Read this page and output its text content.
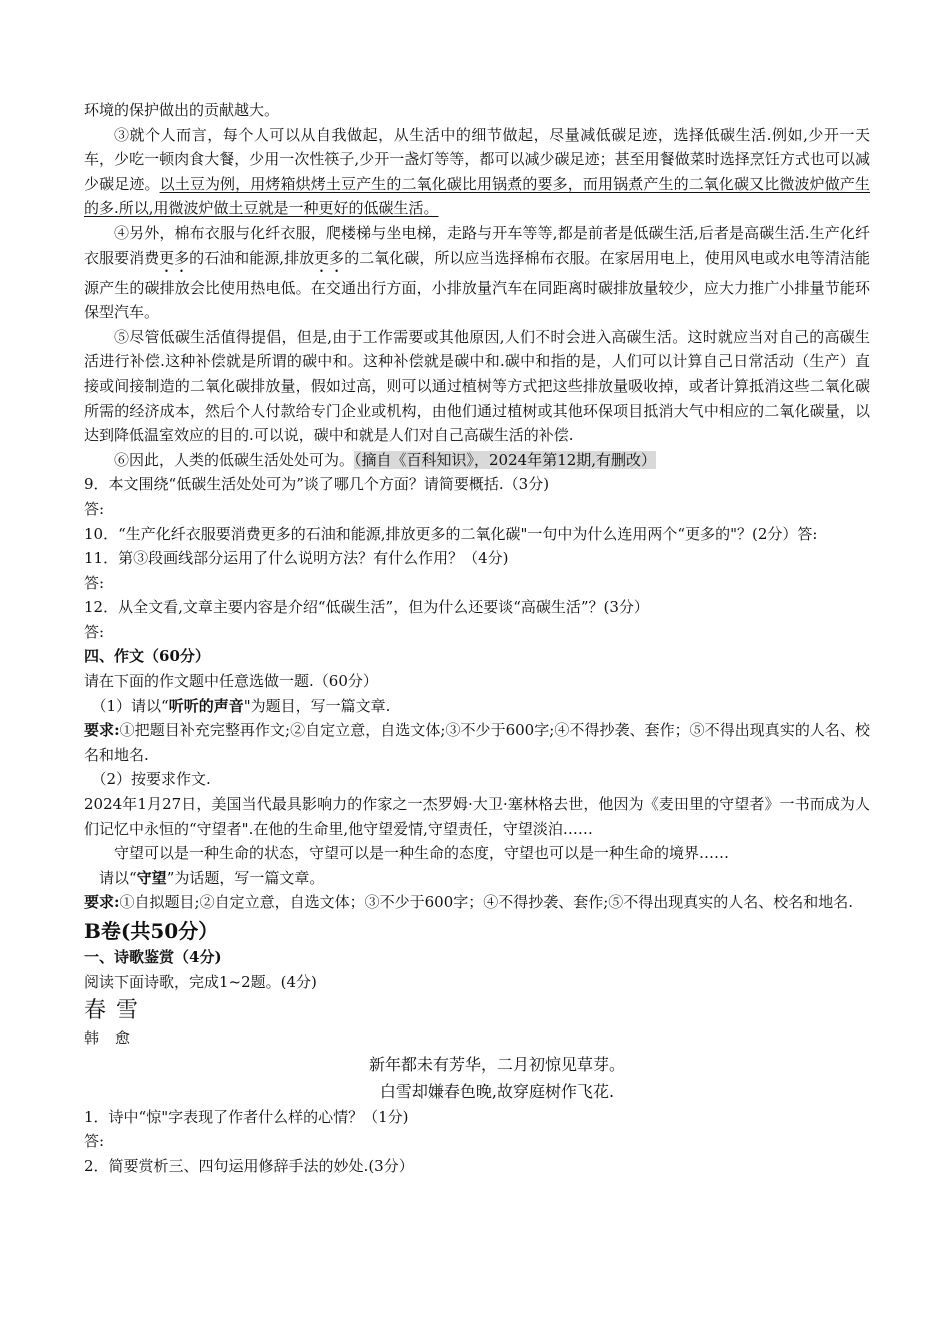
环境的保护做出的贡献越大。

③就个人而言，每个人可以从自我做起，从生活中的细节做起，尽量减低碳足迹，选择低碳生活.例如,少开一天车，少吃一顿肉食大餐，少用一次性筷子,少开一盏灯等等，都可以减少碳足迹；甚至用餐做菜时选择烹饪方式也可以减少碳足迹。以土豆为例，用烤箱烘烤土豆产生的二氧化碳比用锅煮的要多，而用锅煮产生的二氧化碳又比微波炉做产生的多.所以,用微波炉做土豆就是一种更好的低碳生活。

④另外，棉布衣服与化纤衣服，爬楼梯与坐电梯，走路与开车等等,都是前者是低碳生活,后者是高碳生活.生产化纤衣服要消费更多的石油和能源,排放更多的二氧化碳，所以应当选择棉布衣服。在家居用电上，使用风电或水电等清洁能源产生的碳排放会比使用热电低。在交通出行方面，小排放量汽车在同距离时碳排放量较少，应大力推广小排量节能环保型汽车。

⑤尽管低碳生活值得提倡，但是,由于工作需要或其他原因,人们不时会进入高碳生活。这时就应当对自己的高碳生活进行补偿.这种补偿就是所谓的碳中和。这种补偿就是碳中和.碳中和指的是，人们可以计算自己日常活动（生产）直接或间接制造的二氧化碳排放量，假如过高，则可以通过植树等方式把这些排放量吸收掉，或者计算抵消这些二氧化碳所需的经济成本，然后个人付款给专门企业或机构，由他们通过植树或其他环保项目抵消大气中相应的二氧化碳量，以达到降低温室效应的目的.可以说，碳中和就是人们对自己高碳生活的补偿.

⑥因此，人类的低碳生活处处可为。（摘自《百科知识》，2024年第12期,有删改）

9．本文围绕“低碳生活处处可为”谈了哪几个方面？请简要概括.（3分)

答:

10．“生产化纤衣服要消费更多的石油和能源,排放更多的二氧化碳"一句中为什么连用两个“更多的"？(2分）答:

11．第③段画线部分运用了什么说明方法？有什么作用？（4分)

答:

12．从全文看,文章主要内容是介绍“低碳生活”，但为什么还要谈“高碳生活”？(3分）

答:

四、作文（60分）

请在下面的作文题中任意选做一题.（60分）

（1）请以“听听的声音"为题目，写一篇文章.

要求:①把题目补充完整再作文;②自定立意，自选文体;③不少于600字;④不得抄袭、套作；⑤不得出现真实的人名、校名和地名.

（2）按要求作文.

2024年1月27日，美国当代最具影响力的作家之一杰罗姆·大卫·塞林格去世，他因为《麦田里的守望者》一书而成为人们记忆中永恒的“守望者".在他的生命里,他守望爱情,守望责任，守望淡泊……

守望可以是一种生命的状态，守望可以是一种生命的态度，守望也可以是一种生命的境界……

请以“守望”为话题，写一篇文章。

要求:①自拟题目;②自定立意，自选文体；③不少于600字；④不得抄袭、套作;⑤不得出现真实的人名、校名和地名.

B卷(共50分）

一、诗歌鉴赏（4分)

阅读下面诗歌，完成1~2题。(4分)

春雪

韩愈

新年都未有芳华，二月初惊见草芽。

白雪却嫌春色晚,故穿庭树作飞花.

1．诗中“惊"字表现了作者什么样的心情？（1分)

答:

2．简要赏析三、四句运用修辞手法的妙处.(3分）
